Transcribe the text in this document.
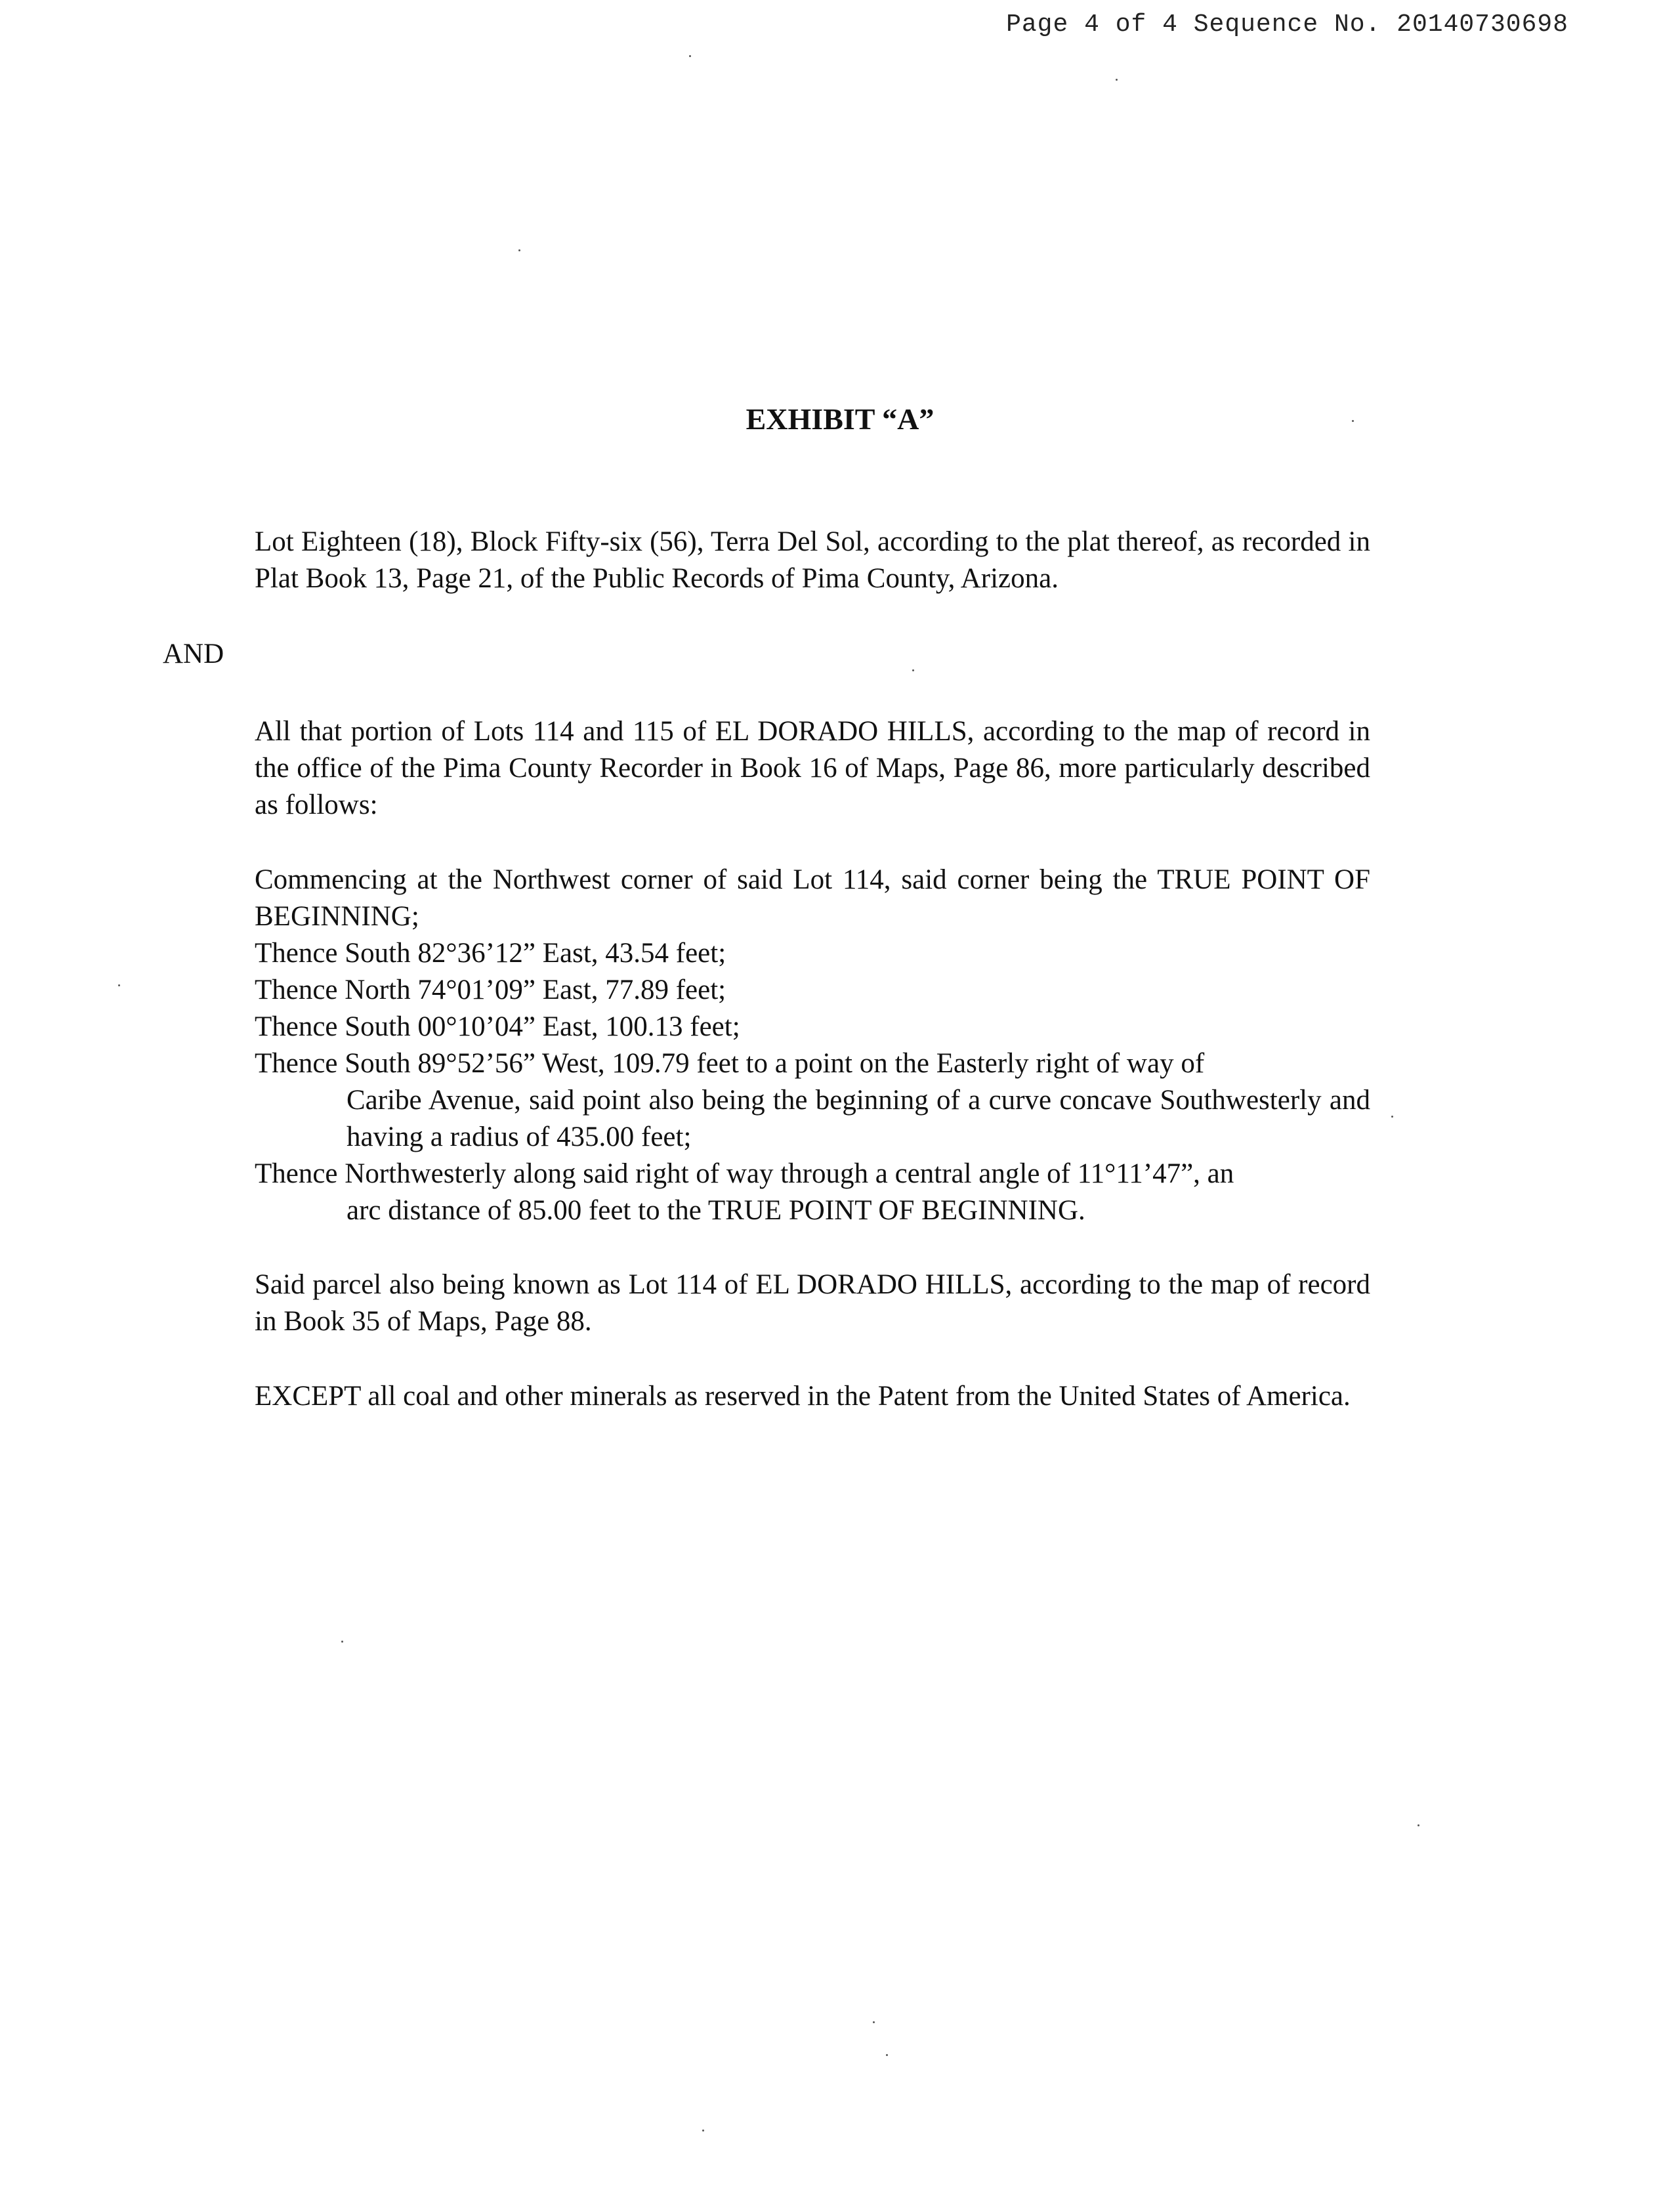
Page 4 of 4 Sequence No. 20140730698
EXHIBIT “A”

Lot Eighteen (18), Block Fifty-six (56), Terra Del Sol, according to the plat thereof, as recorded in Plat Book 13, Page 21, of the Public Records of Pima County, Arizona.

AND

All that portion of Lots 114 and 115 of EL DORADO HILLS, according to the map of record in the office of the Pima County Recorder in Book 16 of Maps, Page 86, more particularly described as follows:

Commencing at the Northwest corner of said Lot 114, said corner being the TRUE POINT OF BEGINNING;

Thence South 82°36’12” East, 43.54 feet;
Thence North 74°01’09” East, 77.89 feet;
Thence South 00°10’04” East, 100.13 feet;
Thence South 89°52’56” West, 109.79 feet to a point on the Easterly right of way of
Caribe Avenue, said point also being the beginning of a curve concave Southwesterly and having a radius of 435.00 feet;
Thence Northwesterly along said right of way through a central angle of 11°11’47”, an
arc distance of 85.00 feet to the TRUE POINT OF BEGINNING.

Said parcel also being known as Lot 114 of EL DORADO HILLS, according to the map of record in Book 35 of Maps, Page 88.

EXCEPT all coal and other minerals as reserved in the Patent from the United States of America.
